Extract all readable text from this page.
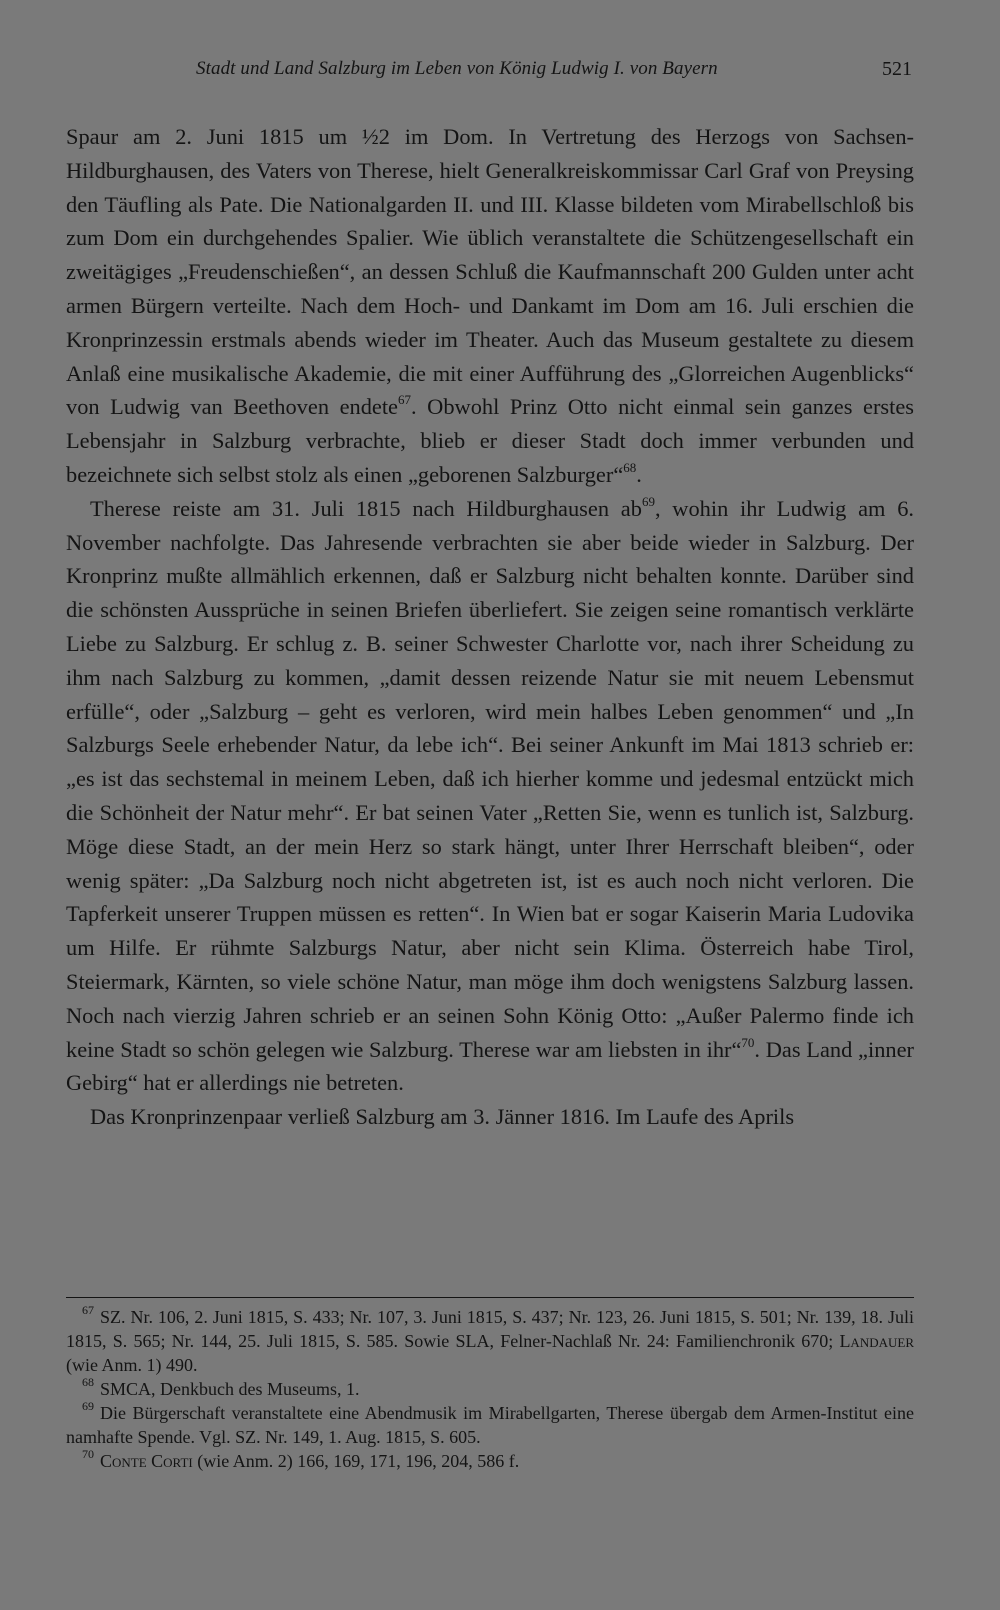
Stadt und Land Salzburg im Leben von König Ludwig I. von Bayern	521

Spaur am 2. Juni 1815 um ½2 im Dom. In Vertretung des Herzogs von Sachsen-Hildburghausen, des Vaters von Therese, hielt Generalkreiskommissar Carl Graf von Preysing den Täufling als Pate. Die Nationalgarden II. und III. Klasse bildeten vom Mirabellschloß bis zum Dom ein durchgehendes Spalier. Wie üblich veranstaltete die Schützengesellschaft ein zweitägiges „Freudenschießen“, an dessen Schluß die Kaufmannschaft 200 Gulden unter acht armen Bürgern verteilte. Nach dem Hoch- und Dankamt im Dom am 16. Juli erschien die Kronprinzessin erstmals abends wieder im Theater. Auch das Museum gestaltete zu diesem Anlaß eine musikalische Akademie, die mit einer Aufführung des „Glorreichen Augenblicks“ von Ludwig van Beethoven endete$^{67}$. Obwohl Prinz Otto nicht einmal sein ganzes erstes Lebensjahr in Salzburg verbrachte, blieb er dieser Stadt doch immer verbunden und bezeichnete sich selbst stolz als einen „geborenen Salzburger“$^{68}$.

Therese reiste am 31. Juli 1815 nach Hildburghausen $ab^{69}$, wohin ihr Ludwig am 6. November nachfolgte. Das Jahresende verbrachten sie aber beide wieder in Salzburg. Der Kronprinz mußte allmählich erkennen, daß er Salzburg nicht behalten konnte. Darüber sind die schönsten Aussprüche in seinen Briefen überliefert. Sie zeigen seine romantisch verklärte Liebe zu Salzburg. Er schlug z. B. seiner Schwester Charlotte vor, nach ihrer Scheidung zu ihm nach Salzburg zu kommen, „damit dessen reizende Natur sie mit neuem Lebensmut erfülle“, oder „Salzburg – geht es verloren, wird mein halbes Leben genommen“ und „In Salzburgs Seele erhebender Natur, da lebe ich“. Bei seiner Ankunft im Mai 1813 schrieb er: „es ist das sechstemal in meinem Leben, daß ich hierher komme und jedesmal entzückt mich die Schönheit der Natur mehr“. Er bat seinen Vater „Retten Sie, wenn es tunlich ist, Salzburg. Möge diese Stadt, an der mein Herz so stark hängt, unter Ihrer Herrschaft bleiben“, oder wenig später: „Da Salzburg noch nicht abgetreten ist, ist es auch noch nicht verloren. Die Tapferkeit unserer Truppen müssen es retten“. In Wien bat er sogar Kaiserin Maria Ludovika um Hilfe. Er rühmte Salzburgs Natur, aber nicht sein Klima. Österreich habe Tirol, Steiermark, Kärnten, so viele schöne Natur, man möge ihm doch wenigstens Salzburg lassen. Noch nach vierzig Jahren schrieb er an seinen Sohn König Otto: „Außer Palermo finde ich keine Stadt so schön gelegen wie Salzburg. Therese war am liebsten in ihr“$^{70}$. Das Land „inner Gebirg“ hat er allerdings nie betreten.

Das Kronprinzenpaar verließ Salzburg am 3. Jänner 1816. Im Laufe des Aprils

$^{67}$ SZ. Nr. 106, 2. Juni 1815, S. 433; Nr. 107, 3. Juni 1815, S. 437; Nr. 123, 26. Juni 1815, S. 501; Nr. 139, 18. Juli 1815, S. 565; Nr. 144, 25. Juli 1815, S. 585. Sowie SLA, Felner-Nachlaß Nr. 24: Familienchronik 670; Landauer (wie Anm. 1) 490.

$^{68}$ SMCA, Denkbuch des Museums, 1.

$^{69}$ Die Bürgerschaft veranstaltete eine Abendmusik im Mirabellgarten, Therese übergab dem Armen-Institut eine namhafte Spende. Vgl. SZ. Nr. 149, 1. Aug. 1815, S. 605.

$^{70}$ Conte Corti (wie Anm. 2) 166, 169, 171, 196, 204, 586 f.
